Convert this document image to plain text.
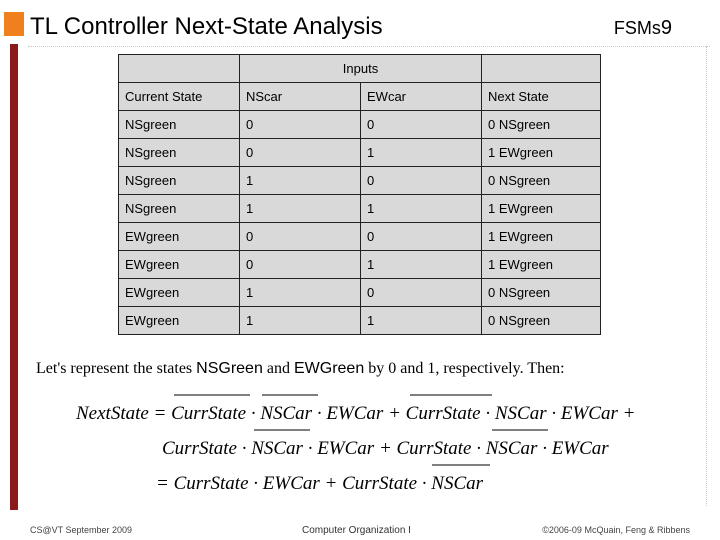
TL Controller Next-State Analysis	FSMs9
	Inputs		
Current State	NScar	EWcar	Next State
NSgreen	0	0	0 NSgreen
NSgreen	0	1	1 EWgreen
NSgreen	1	0	0 NSgreen
NSgreen	1	1	1 EWgreen
EWgreen	0	0	1 EWgreen
EWgreen	0	1	1 EWgreen
EWgreen	1	0	0 NSgreen
EWgreen	1	1	0 NSgreen
Let's represent the states NSGreen and EWGreen by 0 and 1, respectively. Then:
NextState = CurrState · NSCar · EWCar + CurrState · NSCar · EWCar +
CurrState · NSCar · EWCar + CurrState · NSCar · EWCar
= CurrState · EWCar + CurrState · NSCar
CS@VT September 2009	Computer Organization I	©2006-09 McQuain, Feng & Ribbens
